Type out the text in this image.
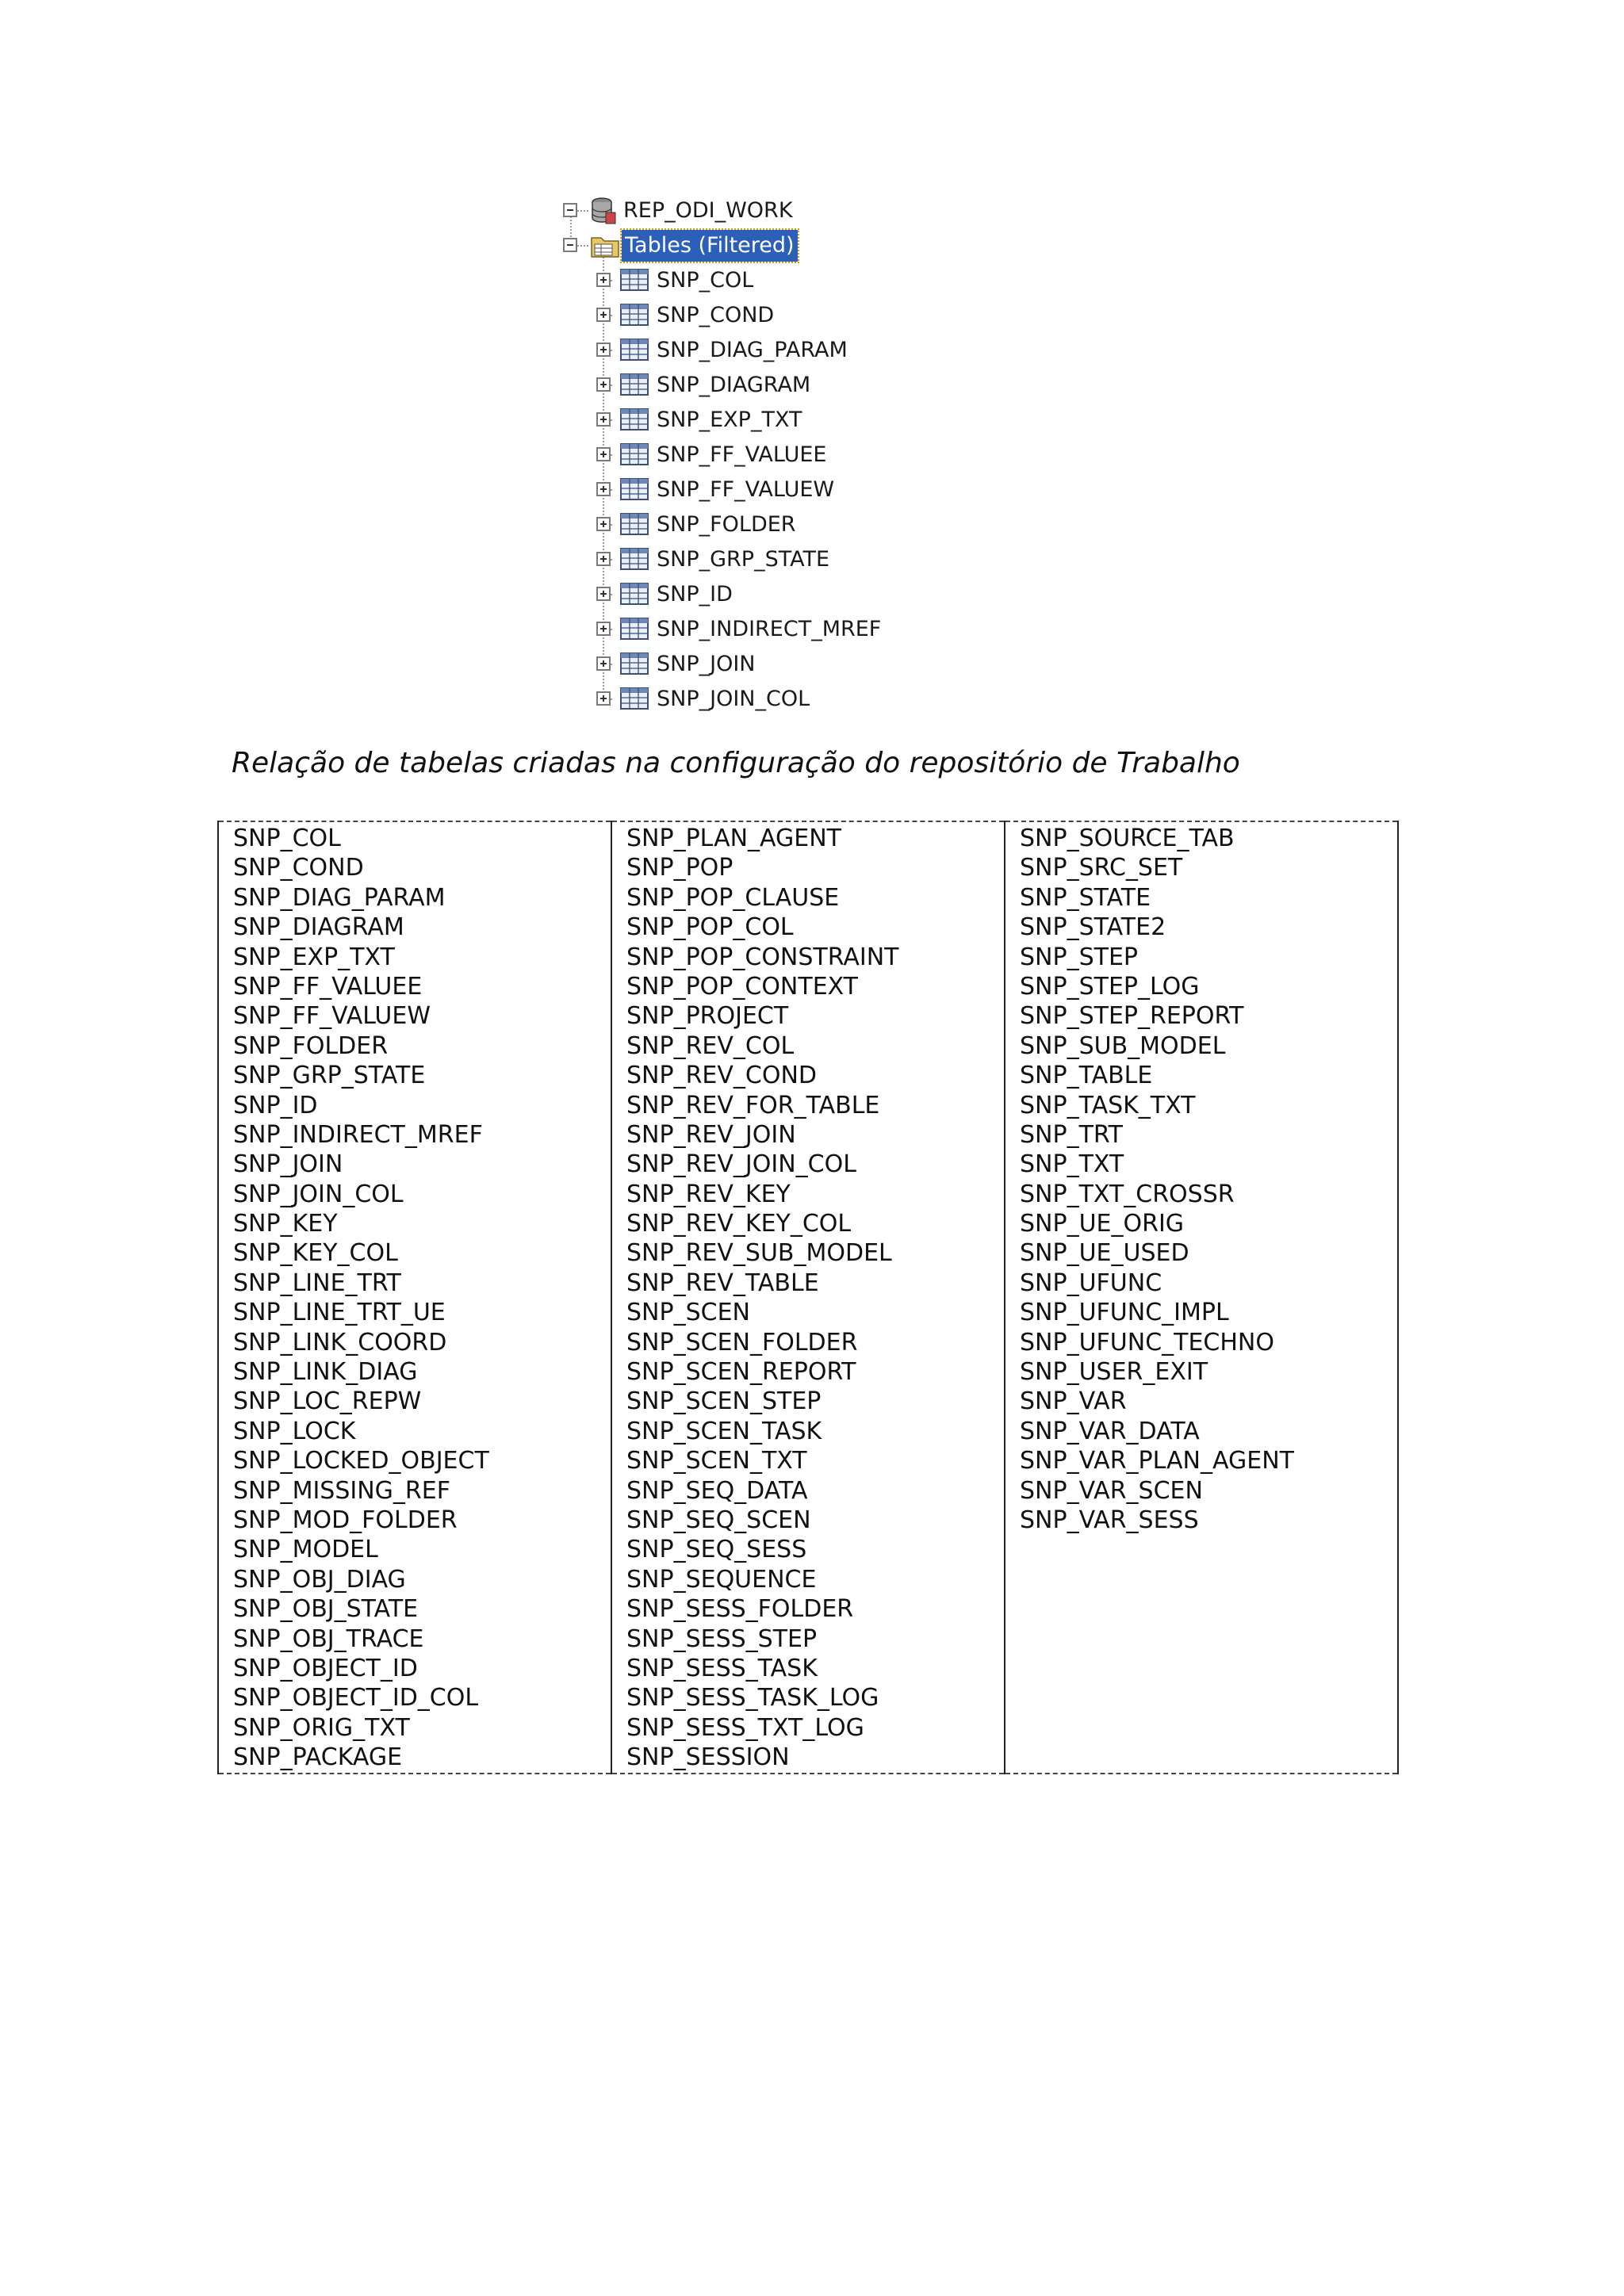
REP_ODI_WORK
Tables (Filtered)
SNP_COL
SNP_COND
SNP_DIAG_PARAM
SNP_DIAGRAM
SNP_EXP_TXT
SNP_FF_VALUEE
SNP_FF_VALUEW
SNP_FOLDER
SNP_GRP_STATE
SNP_ID
SNP_INDIRECT_MREF
SNP_JOIN
SNP_JOIN_COL
Relação de tabelas criadas na configuração do repositório de Trabalho
SNP_COL
SNP_COND
SNP_DIAG_PARAM
SNP_DIAGRAM
SNP_EXP_TXT
SNP_FF_VALUEE
SNP_FF_VALUEW
SNP_FOLDER
SNP_GRP_STATE
SNP_ID
SNP_INDIRECT_MREF
SNP_JOIN
SNP_JOIN_COL
SNP_KEY
SNP_KEY_COL
SNP_LINE_TRT
SNP_LINE_TRT_UE
SNP_LINK_COORD
SNP_LINK_DIAG
SNP_LOC_REPW
SNP_LOCK
SNP_LOCKED_OBJECT
SNP_MISSING_REF
SNP_MOD_FOLDER
SNP_MODEL
SNP_OBJ_DIAG
SNP_OBJ_STATE
SNP_OBJ_TRACE
SNP_OBJECT_ID
SNP_OBJECT_ID_COL
SNP_ORIG_TXT
SNP_PACKAGE

SNP_PLAN_AGENT
SNP_POP
SNP_POP_CLAUSE
SNP_POP_COL
SNP_POP_CONSTRAINT
SNP_POP_CONTEXT
SNP_PROJECT
SNP_REV_COL
SNP_REV_COND
SNP_REV_FOR_TABLE
SNP_REV_JOIN
SNP_REV_JOIN_COL
SNP_REV_KEY
SNP_REV_KEY_COL
SNP_REV_SUB_MODEL
SNP_REV_TABLE
SNP_SCEN
SNP_SCEN_FOLDER
SNP_SCEN_REPORT
SNP_SCEN_STEP
SNP_SCEN_TASK
SNP_SCEN_TXT
SNP_SEQ_DATA
SNP_SEQ_SCEN
SNP_SEQ_SESS
SNP_SEQUENCE
SNP_SESS_FOLDER
SNP_SESS_STEP
SNP_SESS_TASK
SNP_SESS_TASK_LOG
SNP_SESS_TXT_LOG
SNP_SESSION

SNP_SOURCE_TAB
SNP_SRC_SET
SNP_STATE
SNP_STATE2
SNP_STEP
SNP_STEP_LOG
SNP_STEP_REPORT
SNP_SUB_MODEL
SNP_TABLE
SNP_TASK_TXT
SNP_TRT
SNP_TXT
SNP_TXT_CROSSR
SNP_UE_ORIG
SNP_UE_USED
SNP_UFUNC
SNP_UFUNC_IMPL
SNP_UFUNC_TECHNO
SNP_USER_EXIT
SNP_VAR
SNP_VAR_DATA
SNP_VAR_PLAN_AGENT
SNP_VAR_SCEN
SNP_VAR_SESS
